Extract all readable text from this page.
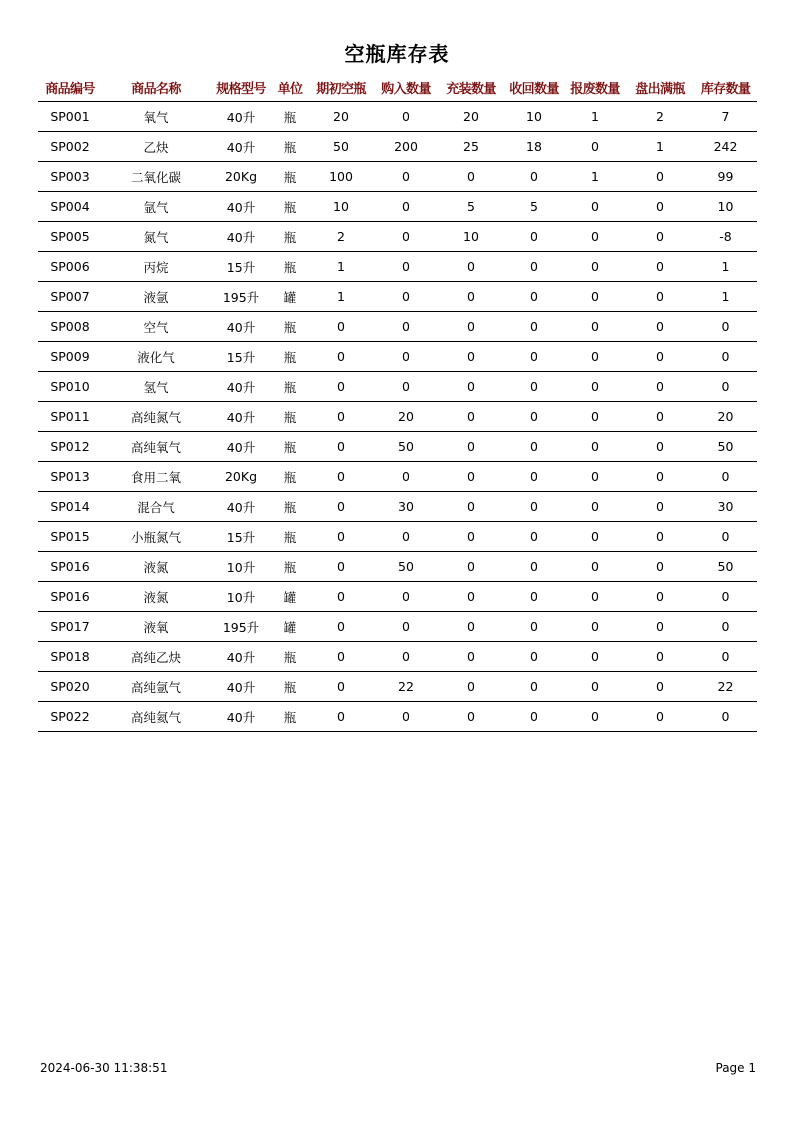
空瓶库存表
商品编号	商品名称	规格型号	单位	期初空瓶	购入数量	充装数量	收回数量	报废数量	盘出满瓶	库存数量
SP001	氧气	40升	瓶	20	0	20	10	1	2	7
SP002	乙炔	40升	瓶	50	200	25	18	0	1	242
SP003	二氧化碳	20Kg	瓶	100	0	0	0	1	0	99
SP004	氩气	40升	瓶	10	0	5	5	0	0	10
SP005	氮气	40升	瓶	2	0	10	0	0	0	-8
SP006	丙烷	15升	瓶	1	0	0	0	0	0	1
SP007	液氩	195升	罐	1	0	0	0	0	0	1
SP008	空气	40升	瓶	0	0	0	0	0	0	0
SP009	液化气	15升	瓶	0	0	0	0	0	0	0
SP010	氢气	40升	瓶	0	0	0	0	0	0	0
SP011	高纯氮气	40升	瓶	0	20	0	0	0	0	20
SP012	高纯氧气	40升	瓶	0	50	0	0	0	0	50
SP013	食用二氧	20Kg	瓶	0	0	0	0	0	0	0
SP014	混合气	40升	瓶	0	30	0	0	0	0	30
SP015	小瓶氮气	15升	瓶	0	0	0	0	0	0	0
SP016	液氮	10升	瓶	0	50	0	0	0	0	50
SP016	液氮	10升	罐	0	0	0	0	0	0	0
SP017	液氧	195升	罐	0	0	0	0	0	0	0
SP018	高纯乙炔	40升	瓶	0	0	0	0	0	0	0
SP020	高纯氩气	40升	瓶	0	22	0	0	0	0	22
SP022	高纯氦气	40升	瓶	0	0	0	0	0	0	0
2024-06-30 11:38:51	Page 1
